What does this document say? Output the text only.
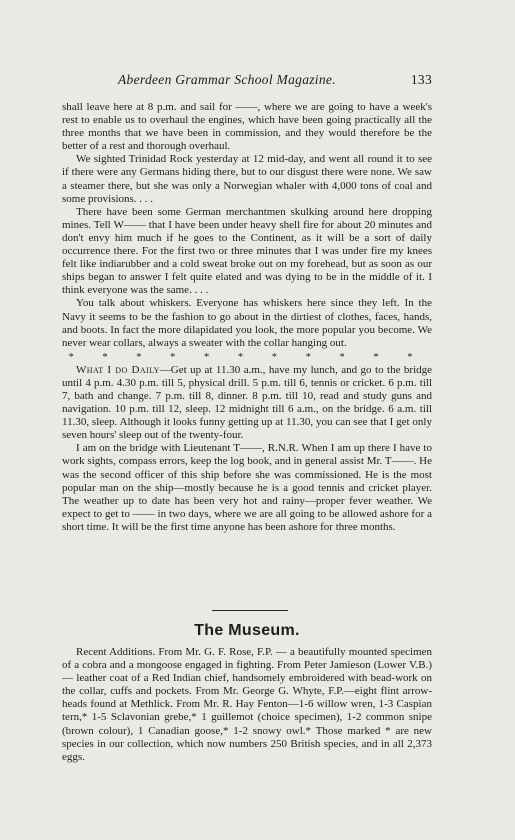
Aberdeen Grammar School Magazine.	133

shall leave here at 8 p.m. and sail for ——, where we are going to have a week's rest to enable us to overhaul the engines, which have been going practically all the three months that we have been in commission, and they would therefore be the better of a rest and thorough overhaul.

We sighted Trinidad Rock yesterday at 12 mid-day, and went all round it to see if there were any Germans hiding there, but to our disgust there were none. We saw a steamer there, but she was only a Norwegian whaler with 4,000 tons of coal and some provisions. . . .

There have been some German merchantmen skulking around here dropping mines. Tell W—— that I have been under heavy shell fire for about 20 minutes and don't envy him much if he goes to the Continent, as it will be a sort of daily occurrence there. For the first two or three minutes that I was under fire my knees felt like indiarubber and a cold sweat broke out on my forehead, but as soon as our ships began to answer I felt quite elated and was dying to be in the middle of it. I think everyone was the same. . . .

You talk about whiskers. Everyone has whiskers here since they left. In the Navy it seems to be the fashion to go about in the dirtiest of clothes, faces, hands, and boots. In fact the more dilapidated you look, the more popular you become. We never wear collars, always a sweater with the collar hanging out.

* * * * * * * * * * *

What I do Daily—Get up at 11.30 a.m., have my lunch, and go to the bridge until 4 p.m. 4.30 p.m. till 5, physical drill. 5 p.m. till 6, tennis or cricket. 6 p.m. till 7, bath and change. 7 p.m. till 8, dinner. 8 p.m. till 10, read and study guns and navigation. 10 p.m. till 12, sleep. 12 midnight till 6 a.m., on the bridge. 6 a.m. till 11.30, sleep. Although it looks funny getting up at 11.30, you can see that I get only seven hours' sleep out of the twenty-four.

I am on the bridge with Lieutenant T——, R.N.R. When I am up there I have to work sights, compass errors, keep the log book, and in general assist Mr. T——. He was the second officer of this ship before she was commissioned. He is the most popular man on the ship—mostly because he is a good tennis and cricket player. The weather up to date has been very hot and rainy—proper fever weather. We expect to get to —— in two days, where we are all going to be allowed ashore for a short time. It will be the first time anyone has been ashore for three months.

The Museum.

Recent Additions. From Mr. G. F. Rose, F.P. — a beautifully mounted specimen of a cobra and a mongoose engaged in fighting. From Peter Jamieson (Lower V.B.) — leather coat of a Red Indian chief, handsomely embroidered with bead-work on the collar, cuffs and pockets. From Mr. George G. Whyte, F.P.—eight flint arrow-heads found at Methlick. From Mr. R. Hay Fenton—1-6 willow wren, 1-3 Caspian tern,* 1-5 Sclavonian grebe,* 1 guillemot (choice specimen), 1-2 common snipe (brown colour), 1 Canadian goose,* 1-2 snowy owl.* Those marked * are new species in our collection, which now numbers 250 British species, and in all 2,373 eggs.
